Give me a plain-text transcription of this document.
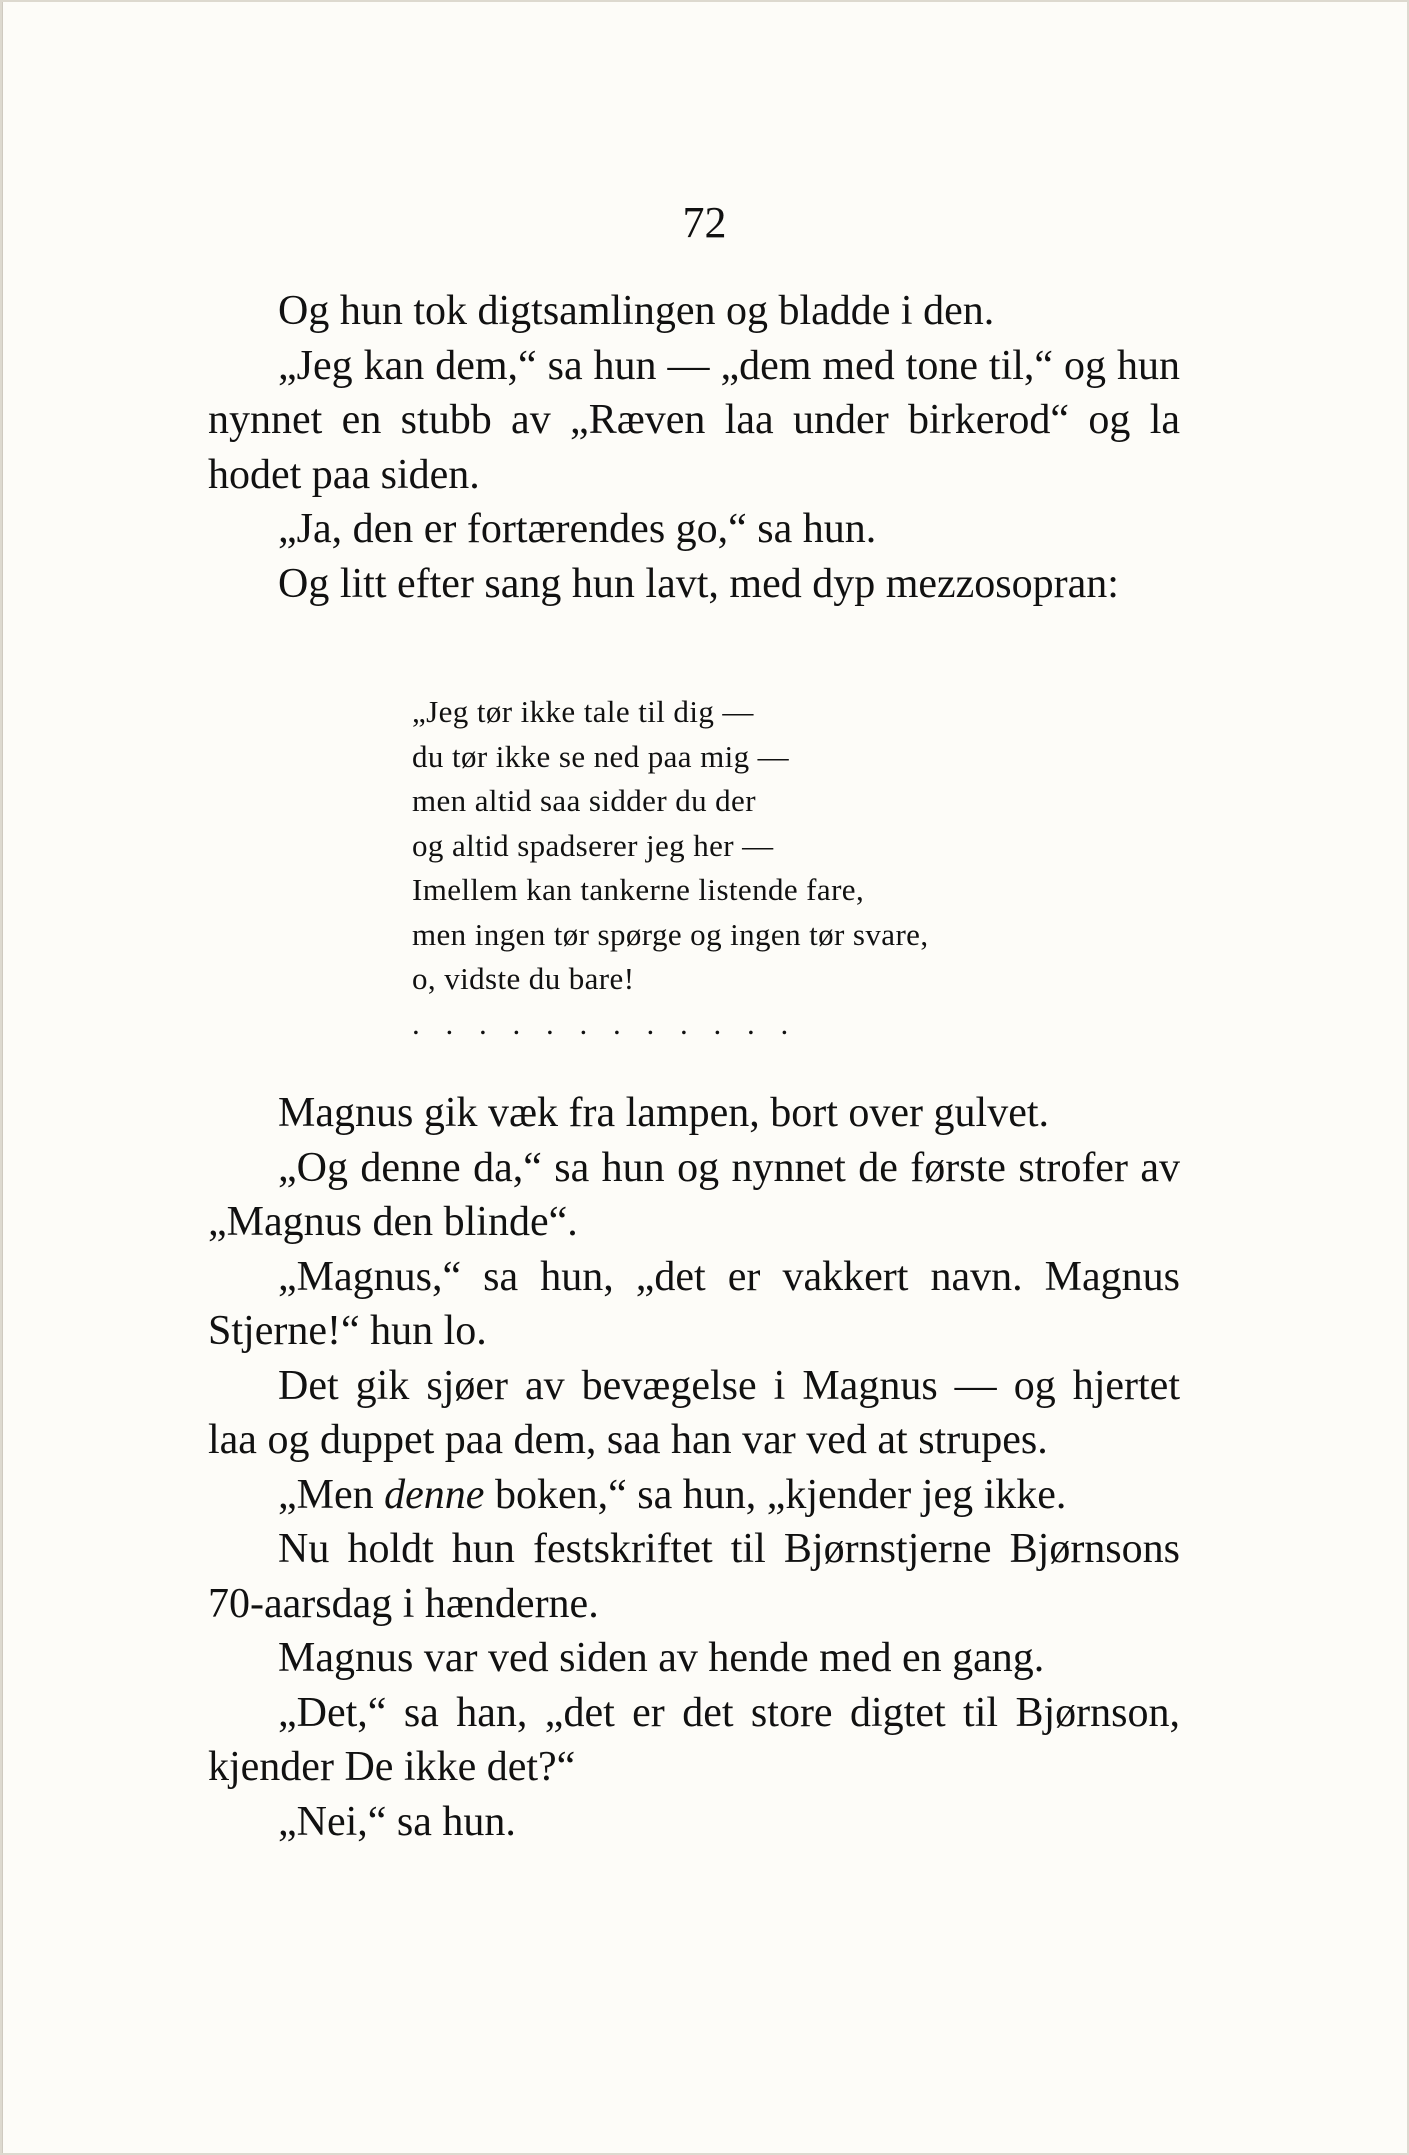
72

Og hun tok digtsamlingen og bladde i den.

„Jeg kan dem,“ sa hun — „dem med tone til,“ og hun nynnet en stubb av „Ræven laa under birkerod“ og la hodet paa siden.

„Ja, den er fortærendes go,“ sa hun.

Og litt efter sang hun lavt, med dyp mezzosopran:

„Jeg tør ikke tale til dig —
du tør ikke se ned paa mig —
men altid saa sidder du der
og altid spadserer jeg her —
Imellem kan tankerne listende fare,
men ingen tør spørge og ingen tør svare,
o, vidste du bare!
. . . . . . . . . . . .

Magnus gik væk fra lampen, bort over gulvet.

„Og denne da,“ sa hun og nynnet de første strofer av „Magnus den blinde“.

„Magnus,“ sa hun, „det er vakkert navn. Magnus Stjerne!“ hun lo.

Det gik sjøer av bevægelse i Magnus — og hjertet laa og duppet paa dem, saa han var ved at strupes.

„Men denne boken,“ sa hun, „kjender jeg ikke.

Nu holdt hun festskriftet til Bjørnstjerne Bjørnsons 70-aarsdag i hænderne.

Magnus var ved siden av hende med en gang.

„Det,“ sa han, „det er det store digtet til Bjørnson, kjender De ikke det?“

„Nei,“ sa hun.
